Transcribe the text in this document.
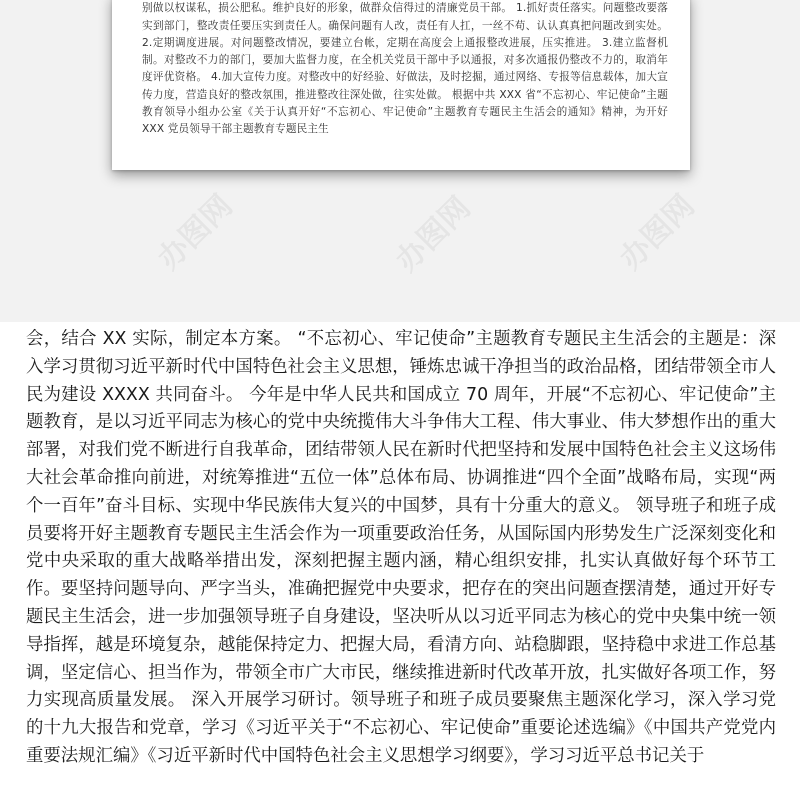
别做以权谋私，损公肥私。维护良好的形象，做群众信得过的清廉党员干部。 1.抓好责任落实。问题整改要落实到部门，整改责任要压实到责任人。确保问题有人改，责任有人扛，一丝不苟、认认真真把问题改到实处。 2.定期调度进展。对问题整改情况，要建立台帐，定期在高度会上通报整改进展，压实推进。 3.建立监督机制。对整改不力的部门，要加大监督力度，在全机关党员干部中予以通报，对多次通报仍整改不力的，取消年度评优资格。 4.加大宣传力度。对整改中的好经验、好做法，及时挖掘，通过网络、专报等信息载体，加大宣传力度，营造良好的整改氛围，推进整改往深处做，往实处做。 根据中共 XXX 省“不忘初心、牢记使命”主题教育领导小组办公室《关于认真开好“不忘初心、牢记使命”主题教育专题民主生活会的通知》精神，为开好 XXX 党员领导干部主题教育专题民主生

办图网	办图网	办图网

会，结合 XX 实际，制定本方案。 “不忘初心、牢记使命”主题教育专题民主生活会的主题是：深入学习贯彻习近平新时代中国特色社会主义思想，锤炼忠诚干净担当的政治品格，团结带领全市人民为建设 XXXX 共同奋斗。 今年是中华人民共和国成立 70 周年，开展“不忘初心、牢记使命”主题教育，是以习近平同志为核心的党中央统揽伟大斗争伟大工程、伟大事业、伟大梦想作出的重大部署，对我们党不断进行自我革命，团结带领人民在新时代把坚持和发展中国特色社会主义这场伟大社会革命推向前进，对统筹推进“五位一体”总体布局、协调推进“四个全面”战略布局，实现“两个一百年”奋斗目标、实现中华民族伟大复兴的中国梦，具有十分重大的意义。 领导班子和班子成员要将开好主题教育专题民主生活会作为一项重要政治任务，从国际国内形势发生广泛深刻变化和党中央采取的重大战略举措出发，深刻把握主题内涵，精心组织安排，扎实认真做好每个环节工作。要坚持问题导向、严字当头，准确把握党中央要求，把存在的突出问题查摆清楚，通过开好专题民主生活会，进一步加强领导班子自身建设，坚决听从以习近平同志为核心的党中央集中统一领导指挥，越是环境复杂，越能保持定力、把握大局，看清方向、站稳脚跟，坚持稳中求进工作总基调，坚定信心、担当作为，带领全市广大市民，继续推进新时代改革开放，扎实做好各项工作，努力实现高质量发展。 深入开展学习研讨。领导班子和班子成员要聚焦主题深化学习，深入学习党的十九大报告和党章，学习《习近平关于“不忘初心、牢记使命”重要论述选编》《中国共产党党内重要法规汇编》《习近平新时代中国特色社会主义思想学习纲要》，学习习近平总书记关于
